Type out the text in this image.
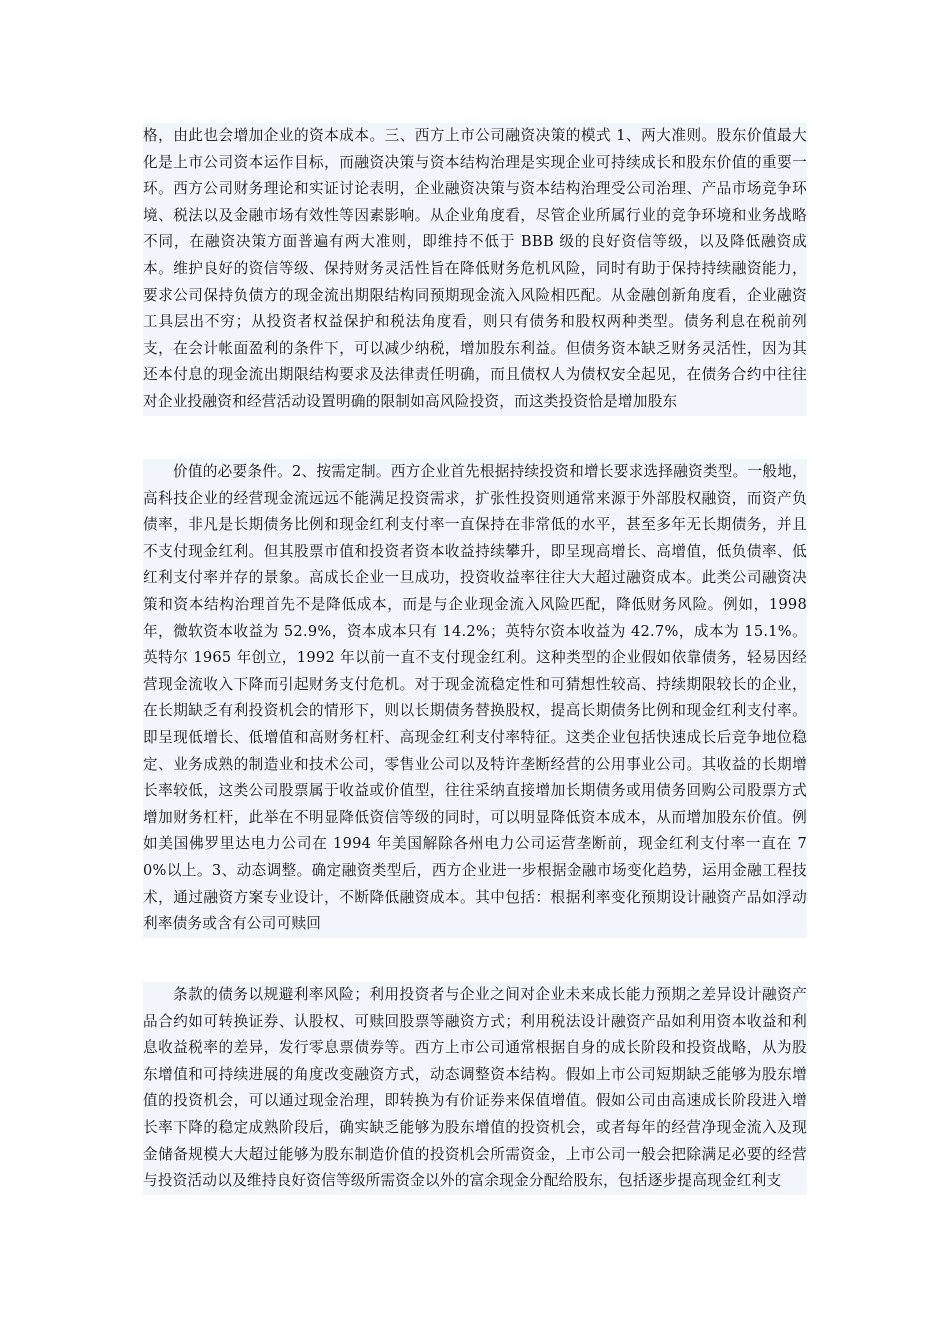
格，由此也会增加企业的资本成本。三、西方上市公司融资决策的模式 1、两大准则。股东价值最大化是上市公司资本运作目标，而融资决策与资本结构治理是实现企业可持续成长和股东价值的重要一环。西方公司财务理论和实证讨论表明，企业融资决策与资本结构治理受公司治理、产品市场竞争环境、税法以及金融市场有效性等因素影响。从企业角度看，尽管企业所属行业的竞争环境和业务战略不同，在融资决策方面普遍有两大准则，即维持不低于 BBB 级的良好资信等级，以及降低融资成本。维护良好的资信等级、保持财务灵活性旨在降低财务危机风险，同时有助于保持持续融资能力，要求公司保持负债方的现金流出期限结构同预期现金流入风险相匹配。从金融创新角度看，企业融资工具层出不穷；从投资者权益保护和税法角度看，则只有债务和股权两种类型。债务利息在税前列支，在会计帐面盈利的条件下，可以减少纳税，增加股东利益。但债务资本缺乏财务灵活性，因为其还本付息的现金流出期限结构要求及法律责任明确，而且债权人为债权安全起见，在债务合约中往往对企业投融资和经营活动设置明确的限制如高风险投资，而这类投资恰是增加股东

价值的必要条件。2、按需定制。西方企业首先根据持续投资和增长要求选择融资类型。一般地，高科技企业的经营现金流远远不能满足投资需求，扩张性投资则通常来源于外部股权融资，而资产负债率，非凡是长期债务比例和现金红利支付率一直保持在非常低的水平，甚至多年无长期债务，并且不支付现金红利。但其股票市值和投资者资本收益持续攀升，即呈现高增长、高增值，低负债率、低红利支付率并存的景象。高成长企业一旦成功，投资收益率往往大大超过融资成本。此类公司融资决策和资本结构治理首先不是降低成本，而是与企业现金流入风险匹配，降低财务风险。例如，1998 年，微软资本收益为 52.9%，资本成本只有 14.2%；英特尔资本收益为 42.7%，成本为 15.1%。英特尔 1965 年创立，1992 年以前一直不支付现金红利。这种类型的企业假如依靠债务，轻易因经营现金流收入下降而引起财务支付危机。对于现金流稳定性和可猜想性较高、持续期限较长的企业，在长期缺乏有利投资机会的情形下，则以长期债务替换股权，提高长期债务比例和现金红利支付率。即呈现低增长、低增值和高财务杠杆、高现金红利支付率特征。这类企业包括快速成长后竞争地位稳定、业务成熟的制造业和技术公司，零售业公司以及特许垄断经营的公用事业公司。其收益的长期增长率较低，这类公司股票属于收益或价值型，往往采纳直接增加长期债务或用债务回购公司股票方式增加财务杠杆，此举在不明显降低资信等级的同时，可以明显降低资本成本，从而增加股东价值。例如美国佛罗里达电力公司在 1994 年美国解除各州电力公司运营垄断前，现金红利支付率一直在 70%以上。3、动态调整。确定融资类型后，西方企业进一步根据金融市场变化趋势，运用金融工程技术，通过融资方案专业设计，不断降低融资成本。其中包括：根据利率变化预期设计融资产品如浮动利率债务或含有公司可赎回

条款的债务以规避利率风险；利用投资者与企业之间对企业未来成长能力预期之差异设计融资产品合约如可转换证券、认股权、可赎回股票等融资方式；利用税法设计融资产品如利用资本收益和利息收益税率的差异，发行零息票债券等。西方上市公司通常根据自身的成长阶段和投资战略，从为股东增值和可持续进展的角度改变融资方式，动态调整资本结构。假如上市公司短期缺乏能够为股东增值的投资机会，可以通过现金治理，即转换为有价证券来保值增值。假如公司由高速成长阶段进入增长率下降的稳定成熟阶段后，确实缺乏能够为股东增值的投资机会，或者每年的经营净现金流入及现金储备规模大大超过能够为股东制造价值的投资机会所需资金，上市公司一般会把除满足必要的经营与投资活动以及维持良好资信等级所需资金以外的富余现金分配给股东，包括逐步提高现金红利支
